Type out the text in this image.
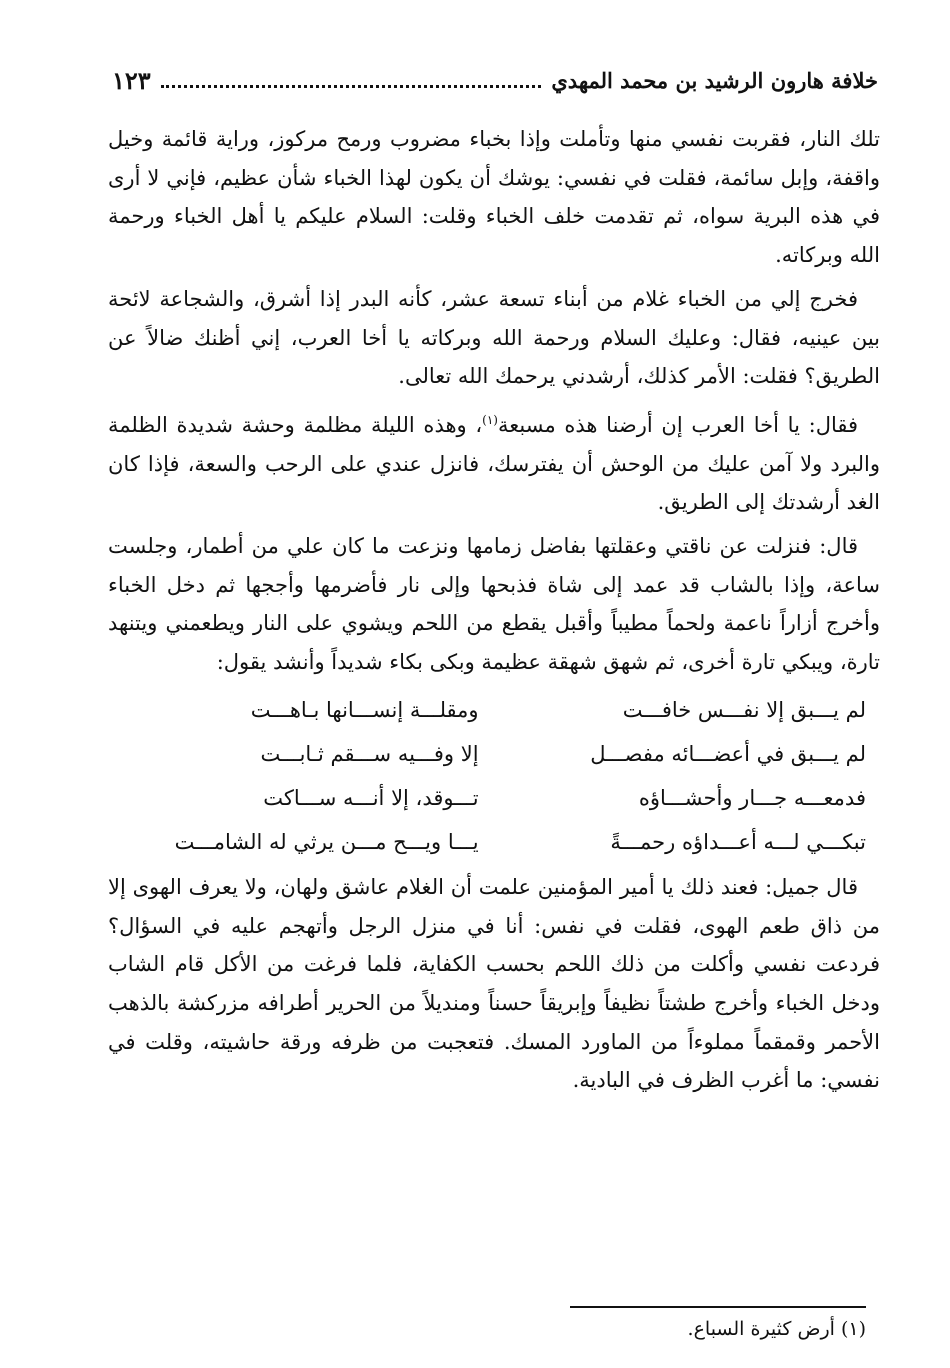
خلافة هارون الرشيد بن محمد المهدي
١٢٣

تلك النار، فقربت نفسي منها وتأملت وإذا بخباء مضروب ورمح مركوز، وراية قائمة وخيل واقفة، وإبل سائمة، فقلت في نفسي: يوشك أن يكون لهذا الخباء شأن عظيم، فإني لا أرى في هذه البرية سواه، ثم تقدمت خلف الخباء وقلت: السلام عليكم يا أهل الخباء ورحمة الله وبركاته.

فخرج إلي من الخباء غلام من أبناء تسعة عشر، كأنه البدر إذا أشرق، والشجاعة لائحة بين عينيه، فقال: وعليك السلام ورحمة الله وبركاته يا أخا العرب، إني أظنك ضالاً عن الطريق؟ فقلت: الأمر كذلك، أرشدني يرحمك الله تعالى.

فقال: يا أخا العرب إن أرضنا هذه مسبعة$^{(١)}$، وهذه الليلة مظلمة وحشة شديدة الظلمة والبرد ولا آمن عليك من الوحش أن يفترسك، فانزل عندي على الرحب والسعة، فإذا كان الغد أرشدتك إلى الطريق.

قال: فنزلت عن ناقتي وعقلتها بفاضل زمامها ونزعت ما كان علي من أطمار، وجلست ساعة، وإذا بالشاب قد عمد إلى شاة فذبحها وإلى نار فأضرمها وأججها ثم دخل الخباء وأخرج أزاراً ناعمة ولحماً مطيباً وأقبل يقطع من اللحم ويشوي على النار ويطعمني ويتنهد تارة، ويبكي تارة أخرى، ثم شهق شهقة عظيمة وبكى بكاء شديداً وأنشد يقول:

لم يـــبق إلا نفـــس خافـــت
ومقلـــة إنســـانها بـاهـــت
لم يـــبق في أعضـــائه مفصـــل
إلا وفـــيه ســـقم ثـابـــت
فدمعـــه جـــار وأحشـــاؤه
تـــوقد، إلا أنـــه ســـاكت
تبكـــي لـــه أعـــداؤه رحمـــةً
يـــا ويـــح مـــن يرثي له الشامـــت

قال جميل: فعند ذلك يا أمير المؤمنين علمت أن الغلام عاشق ولهان، ولا يعرف الهوى إلا من ذاق طعم الهوى، فقلت في نفس: أنا في منزل الرجل وأتهجم عليه في السؤال؟ فردعت نفسي وأكلت من ذلك اللحم بحسب الكفاية، فلما فرغت من الأكل قام الشاب ودخل الخباء وأخرج طشتاً نظيفاً وإبريقاً حسناً ومنديلاً من الحرير أطرافه مزركشة بالذهب الأحمر وقمقماً مملوءاً من الماورد المسك. فتعجبت من ظرفه ورقة حاشيته، وقلت في نفسي: ما أغرب الظرف في البادية.

(١) أرض كثيرة السباع.
